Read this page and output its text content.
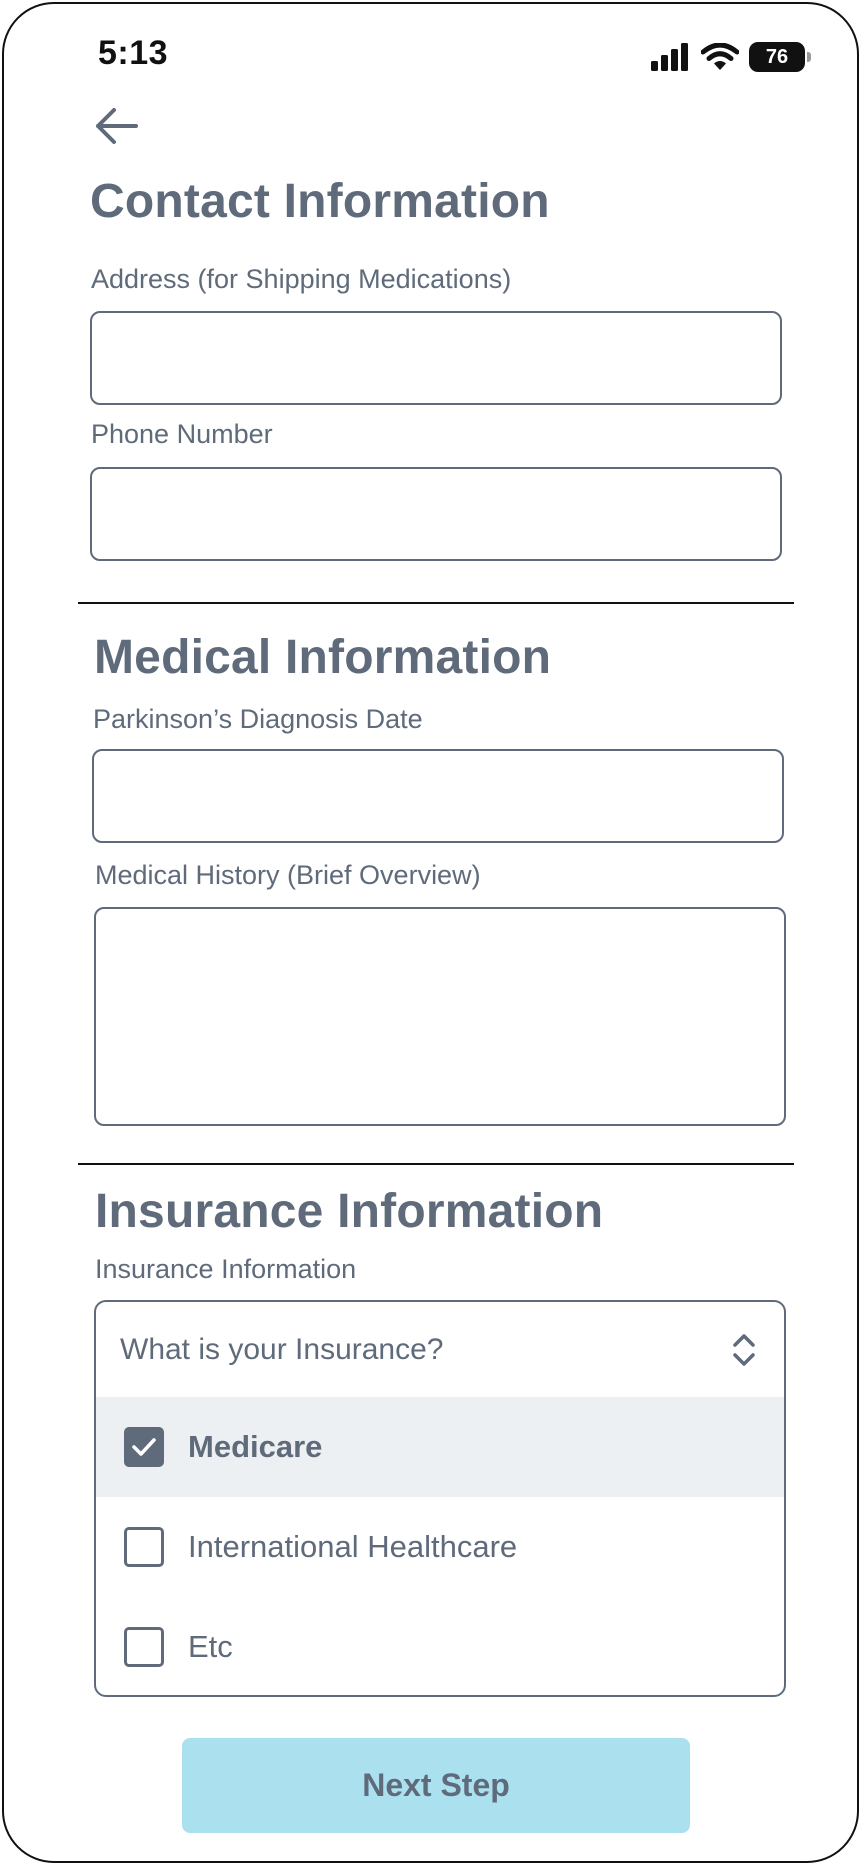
5:13	76
Contact Information
Address (for Shipping Medications)
Phone Number
Medical Information
Parkinson’s Diagnosis Date
Medical History (Brief Overview)
Insurance Information
Insurance Information
What is your Insurance?
Medicare
International Healthcare
Etc
Next Step
